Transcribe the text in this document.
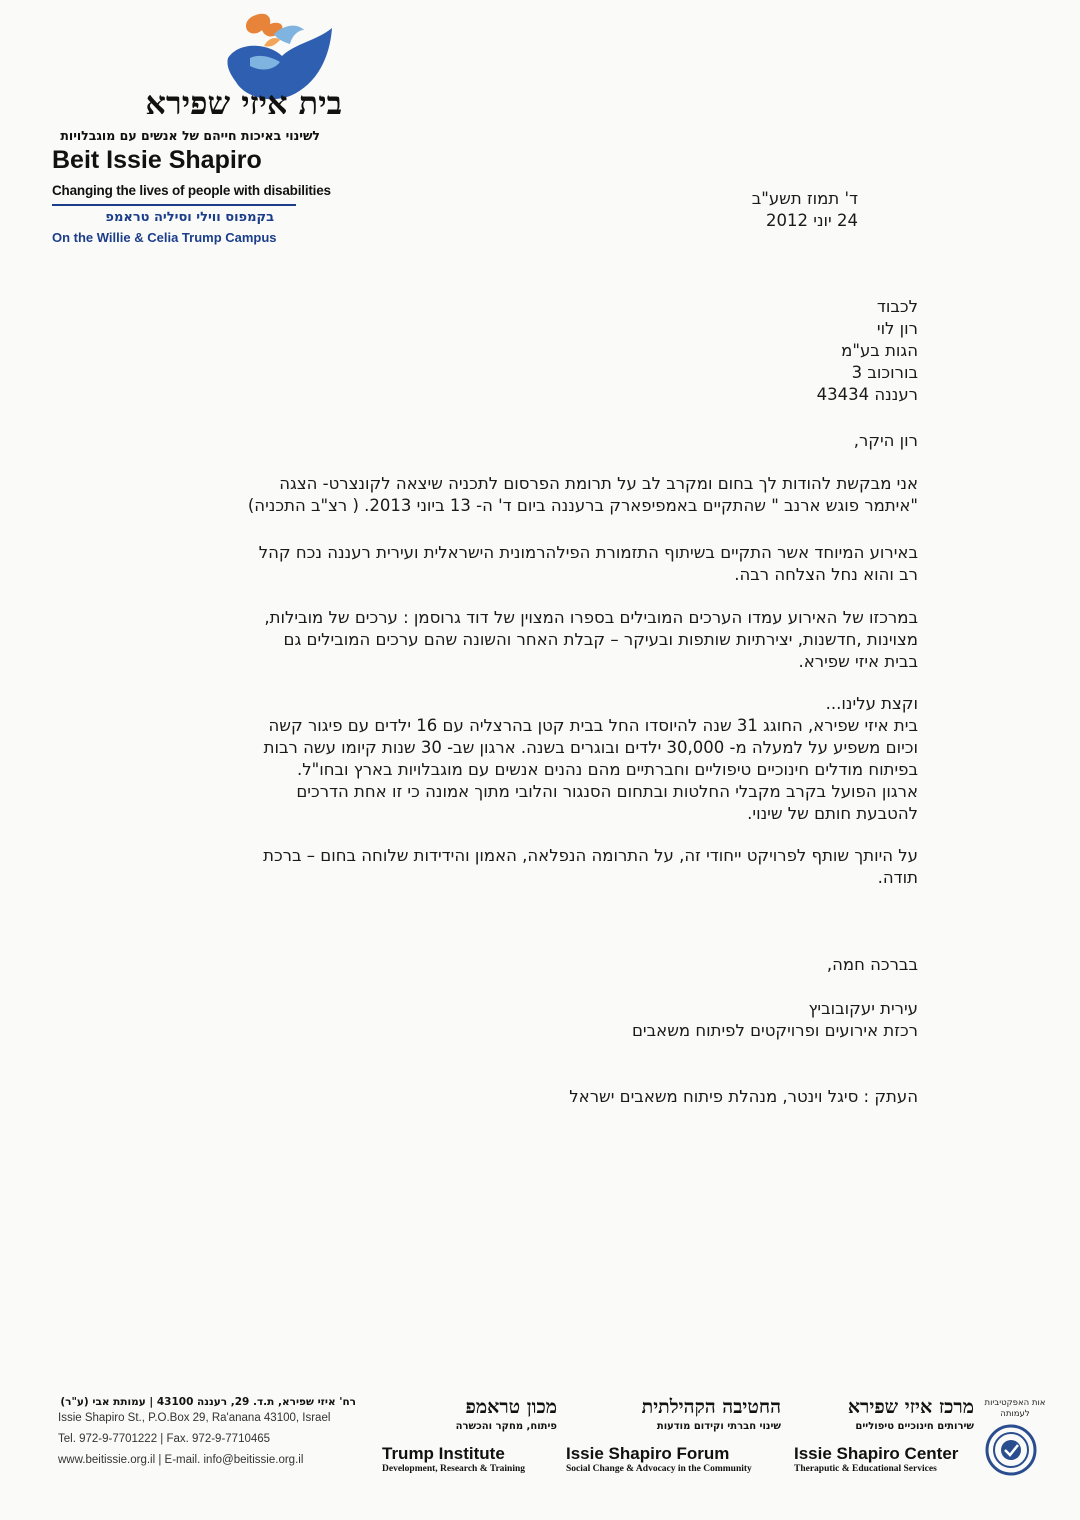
בית איזי שפירא
לשינוי באיכות חייהם של אנשים עם מוגבלויות
Beit Issie Shapiro
Changing the lives of people with disabilities
בקמפוס ווילי וסיליה טראמפ
On the Willie & Celia Trump Campus
ד' תמוז תשע"ב
24 יוני 2012
לכבוד
רון לוי
הגות בע"מ
בורוכוב 3
רעננה 43434
רון היקר,
אני מבקשת להודות לך בחום ומקרב לב על תרומת הפרסום לתכניה שיצאה לקונצרט- הצגה
"איתמר פוגש ארנב " שהתקיים באמפיפארק ברעננה ביום ד' ה- 13 ביוני 2013. ( רצ"ב התכניה)
באירוע המיוחד אשר התקיים בשיתוף התזמורת הפילהרמונית הישראלית ועירית רעננה נכח קהל
רב והוא נחל הצלחה רבה.
במרכזו של האירוע עמדו הערכים המובילים בספרו המצוין של דוד גרוסמן : ערכים של מובילות,
מצוינות ,חדשנות, יצירתיות שותפות ובעיקר – קבלת האחר והשונה שהם ערכים המובילים גם
בבית איזי שפירא.
וקצת עלינו...
בית איזי שפירא, החוגג 31 שנה להיוסדו החל בבית קטן בהרצליה עם 16 ילדים עם פיגור קשה
וכיום משפיע על למעלה מ- 30,000 ילדים ובוגרים בשנה. ארגון שב- 30 שנות קיומו עשה רבות
בפיתוח מודלים חינוכיים טיפוליים וחברתיים מהם נהנים אנשים עם מוגבלויות בארץ ובחו"ל.
ארגון הפועל בקרב מקבלי החלטות ובתחום הסנגור והלובי מתוך אמונה כי זו אחת הדרכים
להטבעת חותם של שינוי.
על היותך שותף לפרויקט ייחודי זה, על התרומה הנפלאה, האמון והידידות שלוחה בחום – ברכת
תודה.
בברכה חמה,
עירית יעקובוביץ
רכזת אירועים ופרויקטים לפיתוח משאבים
העתק : סיגל וינטר, מנהלת פיתוח משאבים ישראל
רח' איזי שפירא, ת.ד. 29, רעננה 43100 | עמותת אבי (ע"ר)
Issie Shapiro St., P.O.Box 29, Ra'anana 43100, Israel
Tel. 972-9-7701222 | Fax. 972-9-7710465
www.beitissie.org.il | E-mail. info@beitissie.org.il
מכון טראמפ
פיתוח, מחקר והכשרה
Trump Institute
Development, Research & Training
החטיבה הקהילתית
שינוי חברתי וקידום מודעות
Issie Shapiro Forum
Social Change & Advocacy in the Community
מרכז איזי שפירא
שירותים חינוכיים טיפוליים
Issie Shapiro Center
Theraputic & Educational Services
אות האפקטיביות לעמותה
